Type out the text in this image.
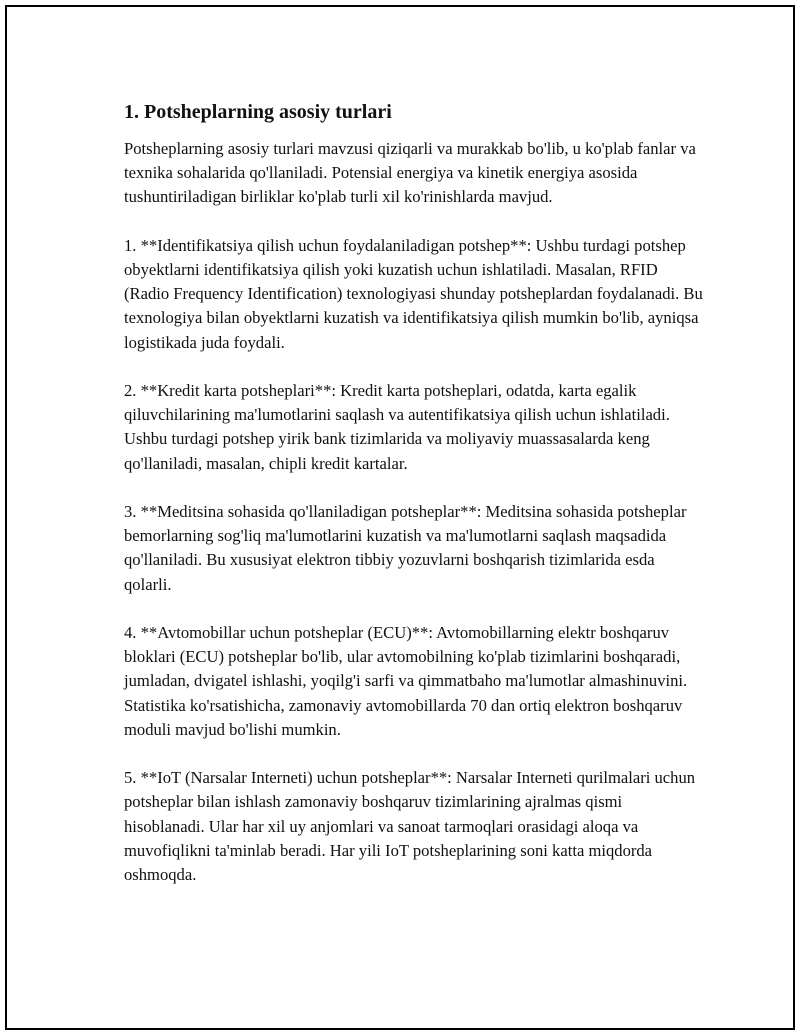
1. Potsheplarning asosiy turlari

Potsheplarning asosiy turlari mavzusi qiziqarli va murakkab bo'lib, u ko'plab fanlar va texnika sohalarida qo'llaniladi. Potensial energiya va kinetik energiya asosida tushuntiriladigan birliklar ko'plab turli xil ko'rinishlarda mavjud.

1. **Identifikatsiya qilish uchun foydalaniladigan potshep**: Ushbu turdagi potshep obyektlarni identifikatsiya qilish yoki kuzatish uchun ishlatiladi. Masalan, RFID (Radio Frequency Identification) texnologiyasi shunday potsheplardan foydalanadi. Bu texnologiya bilan obyektlarni kuzatish va identifikatsiya qilish mumkin bo'lib, ayniqsa logistikada juda foydali.

2. **Kredit karta potsheplari**: Kredit karta potsheplari, odatda, karta egalik qiluvchilarining ma'lumotlarini saqlash va autentifikatsiya qilish uchun ishlatiladi. Ushbu turdagi potshep yirik bank tizimlarida va moliyaviy muassasalarda keng qo'llaniladi, masalan, chipli kredit kartalar.

3. **Meditsina sohasida qo'llaniladigan potsheplar**: Meditsina sohasida potsheplar bemorlarning sog'liq ma'lumotlarini kuzatish va ma'lumotlarni saqlash maqsadida qo'llaniladi. Bu xususiyat elektron tibbiy yozuvlarni boshqarish tizimlarida esda qolarli.

4. **Avtomobillar uchun potsheplar (ECU)**: Avtomobillarning elektr boshqaruv bloklari (ECU) potsheplar bo'lib, ular avtomobilning ko'plab tizimlarini boshqaradi, jumladan, dvigatel ishlashi, yoqilg'i sarfi va qimmatbaho ma'lumotlar almashinuvini. Statistika ko'rsatishicha, zamonaviy avtomobillarda 70 dan ortiq elektron boshqaruv moduli mavjud bo'lishi mumkin.

5. **IoT (Narsalar Interneti) uchun potsheplar**: Narsalar Interneti qurilmalari uchun potsheplar bilan ishlash zamonaviy boshqaruv tizimlarining ajralmas qismi hisoblanadi. Ular har xil uy anjomlari va sanoat tarmoqlari orasidagi aloqa va muvofiqlikni ta'minlab beradi. Har yili IoT potsheplarining soni katta miqdorda oshmoqda.
